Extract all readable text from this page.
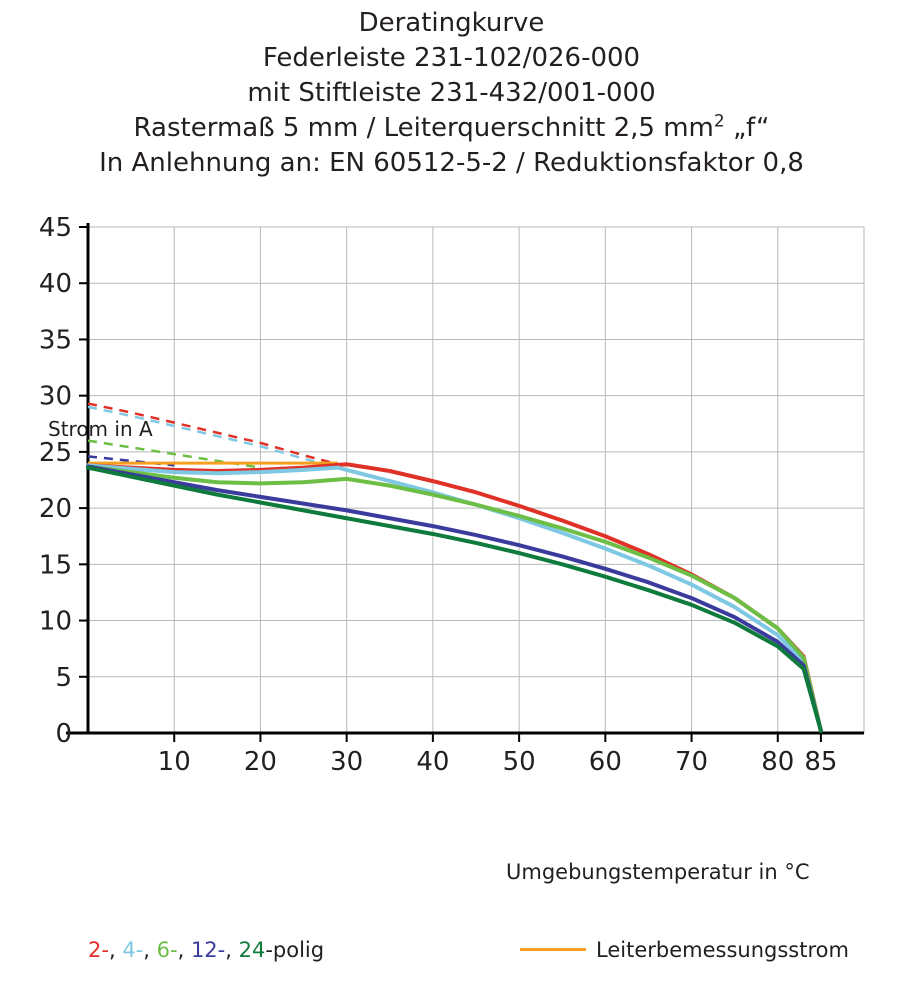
Deratingkurve
Federleiste 231-102/026-000
mit Stiftleiste 231-432/001-000
Rastermaß 5 mm / Leiterquerschnitt 2,5 $mm^2$ „f“
In Anlehnung an: EN 60512-5-2 / Reduktionsfaktor 0,8
Strom in A
0
5
10
15
20
25
30
35
40
45
10 20 30 40 50 60 70 80 85
Umgebungstemperatur in °C
2-, 4-, 6-, 12-, 24-polig	Leiterbemessungsstrom
